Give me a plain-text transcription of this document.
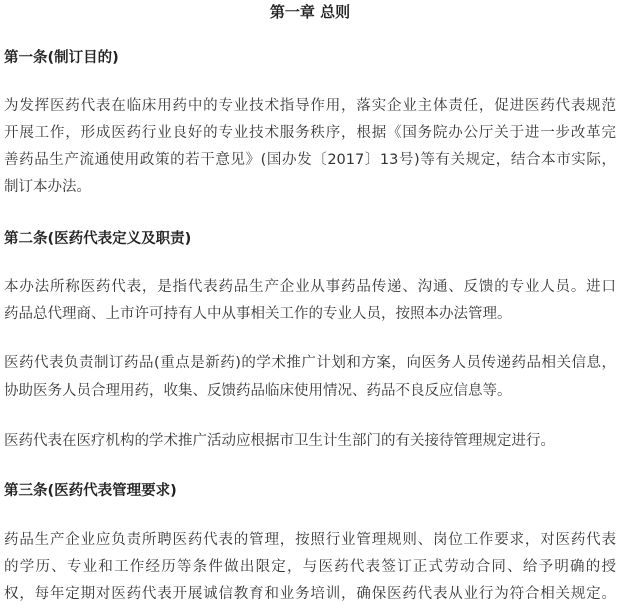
第一章 总则
第一条(制订目的)
为发挥医药代表在临床用药中的专业技术指导作用，落实企业主体责任，促进医药代表规范
开展工作，形成医药行业良好的专业技术服务秩序，根据《国务院办公厅关于进一步改革完
善药品生产流通使用政策的若干意见》(国办发〔2017〕13号)等有关规定，结合本市实际，
制订本办法。
第二条(医药代表定义及职责)
本办法所称医药代表，是指代表药品生产企业从事药品传递、沟通、反馈的专业人员。进口
药品总代理商、上市许可持有人中从事相关工作的专业人员，按照本办法管理。
医药代表负责制订药品(重点是新药)的学术推广计划和方案，向医务人员传递药品相关信息，
协助医务人员合理用药，收集、反馈药品临床使用情况、药品不良反应信息等。
医药代表在医疗机构的学术推广活动应根据市卫生计生部门的有关接待管理规定进行。
第三条(医药代表管理要求)
药品生产企业应负责所聘医药代表的管理，按照行业管理规则、岗位工作要求，对医药代表
的学历、专业和工作经历等条件做出限定，与医药代表签订正式劳动合同、给予明确的授
权，每年定期对医药代表开展诚信教育和业务培训，确保医药代表从业行为符合相关规定。
